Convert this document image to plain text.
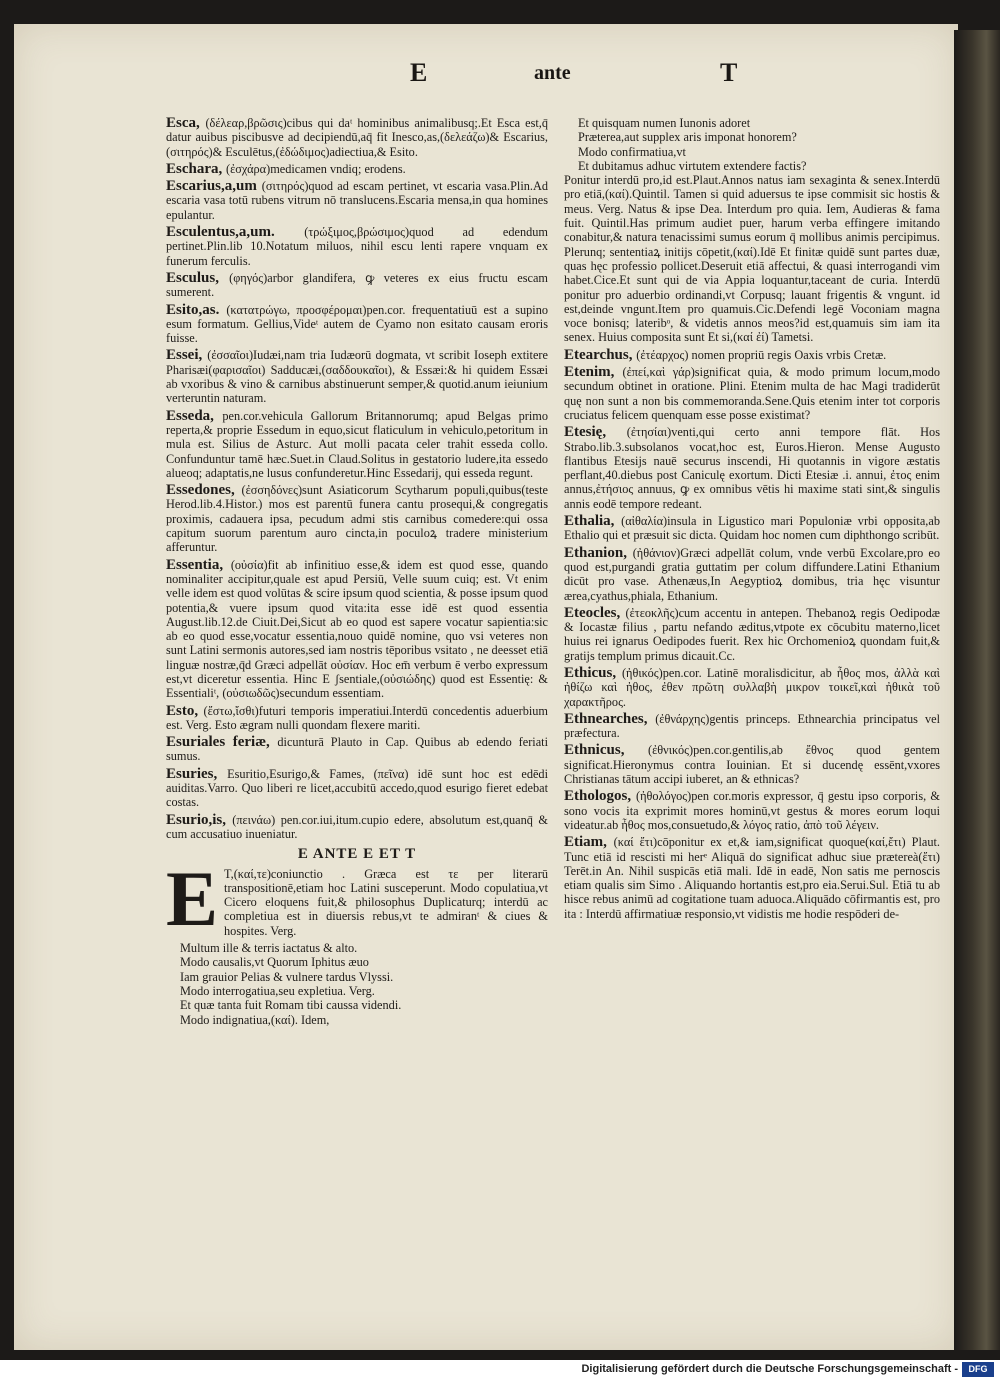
E	ante	T
Esca, (δέλεαρ,βρῶσις)cibus qui daᵗ hominibus animalibusq;.Et Esca est,q̄ datur auibus piscibusve ad decipiendū,aq̄ fit Inesco,as,(δελεάζω)& Escarius,(σιτηρός)& Esculētus,(ἐδώδιμος)adiectiua,& Esito.
Eschara, (ἐσχάρα)medicamen vndiq; erodens.
Escarius,a,um (σιτηρός)quod ad escam pertinet, vt escaria vasa.Plin.Ad escaria vasa totū rubens vitrum nō translucens.Escaria mensa,in qua homines epulantur.
Esculentus,a,um. (τρώξιμος,βρώσιμος)quod ad edendum pertinet.Plin.lib 10.Notatum miluos, nihil escu lenti rapere vnquam ex funerum ferculis.
Esculus, (φηγός)arbor glandifera, ꝙ veteres ex eius fructu escam sumerent.
Esito,as. (κατατρώγω, προσφέρομαι)pen.cor. frequentatiuū est a supino esum formatum. Gellius,Videᵗ autem de Cyamo non esitato causam eroris fuisse.
Essei, (ἐσσαῖοι)Iudæi,nam tria Iudæorū dogmata, vt scribit Ioseph extitere Pharisæi(φαρισαῖοι) Sadducæi,(σαδδουκαῖοι), & Essæi:& hi quidem Essæi ab vxoribus & vino & carnibus abstinuerunt semper,& quotid.anum ieiunium verteruntin naturam.
Esseda, pen.cor.vehicula Gallorum Britannorumq; apud Belgas primo reperta,& proprie Essedum in equo,sicut flaticulum in vehiculo,petoritum in mula est. Silius de Asturc. Aut molli pacata celer trahit esseda collo. Confunduntur tamē hæc.Suet.in Claud.Solitus in gestatorio ludere,ita essedo alueoq; adaptatis,ne lusus confunderetur.Hinc Essedarij, qui esseda regunt.
Essedones, (ἐσσηδόνες)sunt Asiaticorum Scytharum populi,quibus(teste Herod.lib.4.Histor.) mos est parentū funera cantu prosequi,& congregatis proximis, cadauera ipsa, pecudum admi stis carnibus comedere:qui ossa capitum suorum parentum auro cincta,in poculoꝝ tradere ministerium afferuntur.
Essentia, (οὐσία)fit ab infinitiuo esse,& idem est quod esse, quando nominaliter accipitur,quale est apud Persiū, Velle suum cuiq; est. Vt enim velle idem est quod volūtas & scire ipsum quod scientia, & posse ipsum quod potentia,& vuere ipsum quod vita:ita esse idē est quod essentia August.lib.12.de Ciuit.Dei,Sicut ab eo quod est sapere vocatur sapientia:sic ab eo quod esse,vocatur essentia,nouo quidē nomine, quo vsi veteres non sunt Latini sermonis autores,sed iam nostris tēporibus vsitato , ne deesset etiā linguæ nostræ,q̄d Græci adpellāt οὐσίαν. Hoc em̄ verbum ē verbo expressum est,vt diceretur essentia. Hinc E ʃsentiale,(οὐσιώδης) quod est Essentię: & Essentialiᵗ, (οὐσιωδῶς)secundum essentiam.
Esto, (ἔστω,ἴσθι)futuri temporis imperatiui.Interdū concedentis aduerbium est. Verg. Esto ægram nulli quondam flexere mariti.
Esuriales feriæ, dicunturā Plauto in Cap. Quibus ab edendo feriati sumus.
Esuries, Esuritio,Esurigo,& Fames, (πεῖνα) idē sunt hoc est edēdi auiditas.Varro. Quo liberi re licet,accubitū accedo,quod esurigo fieret edebat costas.
Esurio,is, (πεινάω) pen.cor.iui,itum.cupio edere, absolutum est,quanq̄ & cum accusatiuo inueniatur.
E ANTE E ET T
E T,(καί,τε)coniunctio . Græca est τε per literarū transpositionē,etiam hoc Latini susceperunt. Modo copulatiua,vt Cicero eloquens fuit,& philosophus Duplicaturq; interdū ac completiua est in diuersis rebus,vt te admiranᵗ & ciues & hospites. Verg.
Multum ille & terris iactatus & alto.
Modo causalis,vt Quorum Iphitus æuo
Iam grauior Pelias & vulnere tardus Vlyssi.
Modo interrogatiua,seu expletiua. Verg.
Et quæ tanta fuit Romam tibi caussa videndi.
Modo indignatiua,(καί). Idem,
Et quisquam numen Iunonis adoret
Præterea,aut supplex aris imponat honorem?
Modo confirmatiua,vt
Et dubitamus adhuc virtutem extendere factis?
Ponitur interdū pro,id est.Plaut.Annos natus iam sexaginta & senex.Interdū pro etiā,(καί).Quintil. Tamen si quid aduersus te ipse commisit sic hostis & meus. Verg. Natus & ipse Dea. Interdum pro quia. Iem, Audieras & fama fuit. Quintil.Has primum audiet puer, harum verba effingere imitando conabitur,& natura tenacissimi sumus eorum q̄ mollibus animis percipimus. Plerunq; sententiaꝝ initijs cōpetit,(καί).Idē Et finitæ quidē sunt partes duæ, quas hęc professio pollicet.Deseruit etiā affectui, & quasi interrogandi vim habet.Cice.Et sunt qui de via Appia loquantur,taceant de curia. Interdū ponitur pro aduerbio ordinandi,vt Corpusq; lauant frigentis & vngunt. id est,deinde vngunt.Item pro quamuis.Cic.Defendi legē Voconiam magna voce bonisq; lateribᵒ, & videtis annos meos?id est,quamuis sim iam ita senex. Huius composita sunt Et si,(καί ἐί) Tametsi.
Etearchus, (ἐτέαρχος) nomen propriū regis Oaxis vrbis Cretæ.
Etenim, (ἐπεί,καὶ γάρ)significat quia, & modo primum locum,modo secundum obtinet in oratione. Plini. Etenim multa de hac Magi tradiderūt quę non sunt a non bis commemoranda.Sene.Quis etenim inter tot corporis cruciatus felicem quenquam esse posse existimat?
Etesię, (ἐτησίαι)venti,qui certo anni tempore flāt. Hos Strabo.lib.3.subsolanos vocat,hoc est, Euros.Hieron. Mense Augusto flantibus Etesijs nauē securus inscendi, Hi quotannis in vigore æstatis perflant,40.diebus post Caniculę exortum. Dicti Etesiæ .i. annui, ἐτος enim annus,ἐτήσιος annuus, ꝙ ex omnibus vētis hi maxime stati sint,& singulis annis eodē tempore redeant.
Ethalia, (αἰθαλία)insula in Ligustico mari Populoniæ vrbi opposita,ab Ethalio qui et præsuit sic dicta. Quidam hoc nomen cum diphthongo scribūt.
Ethanion, (ἠθάνιον)Græci adpellāt colum, vnde verbū Excolare,pro eo quod est,purgandi gratia guttatim per colum diffundere.Latini Ethanium dicūt pro vase. Athenæus,In Aegyptioꝝ domibus, tria hęc visuntur ærea,cyathus,phiala, Ethanium.
Eteocles, (ἐτεοκλῆς)cum accentu in antepen. Thebanoꝝ regis Oedipodæ & Iocastæ filius , partu nefando æditus,vtpote ex cōcubitu materno,licet huius rei ignarus Oedipodes fuerit. Rex hic Orchomenioꝝ quondam fuit,& gratijs templum primus dicauit.Cc.
Ethicus, (ἠθικός)pen.cor. Latinē moralisdicitur, ab ἦθος mos, ἀλλὰ καὶ ἠθίζω καὶ ἠθος, ἐθεν πρῶτη συλλαβὴ μικρον τοικεῖ,καὶ ἠθικὰ τοῦ χαρακτῆρος.
Ethnearches, (ἐθνάρχης)gentis princeps. Ethnearchia principatus vel præfectura.
Ethnicus, (ἐθνικός)pen.cor.gentilis,ab ἔθνος quod gentem significat.Hieronymus contra Iouinian. Et si ducendę essēnt,vxores Christianas tātum accipi iuberet, an & ethnicas?
Ethologos, (ἠθολόγος)pen cor.moris expressor, q̄ gestu ipso corporis, & sono vocis ita exprimit mores hominū,vt gestus & mores eorum loqui videatur.ab ἦθος mos,consuetudo,& λόγος ratio, ἀπὸ τοῦ λέγειν.
Etiam, (καί ἔτι)cōponitur ex et,& iam,significat quoque(καί,ἔτι) Plaut. Tunc etiā id rescisti mi herᵉ Aliquā do significat adhuc siue prætereà(ἔτι) Terēt.in An. Nihil suspicās etiā mali. Idē in eadē, Non satis me pernoscis etiam qualis sim Simo . Aliquando hortantis est,pro eia.Serui.Sul. Etiā tu ab hisce rebus animū ad cogitatione tuam aduoca.Aliquādo cōfirmantis est, pro ita : Interdū affirmatiuæ responsio,vt vidistis me hodie respōderi de-
Digitalisierung gefördert durch die Deutsche Forschungsgemeinschaft -	DFG
